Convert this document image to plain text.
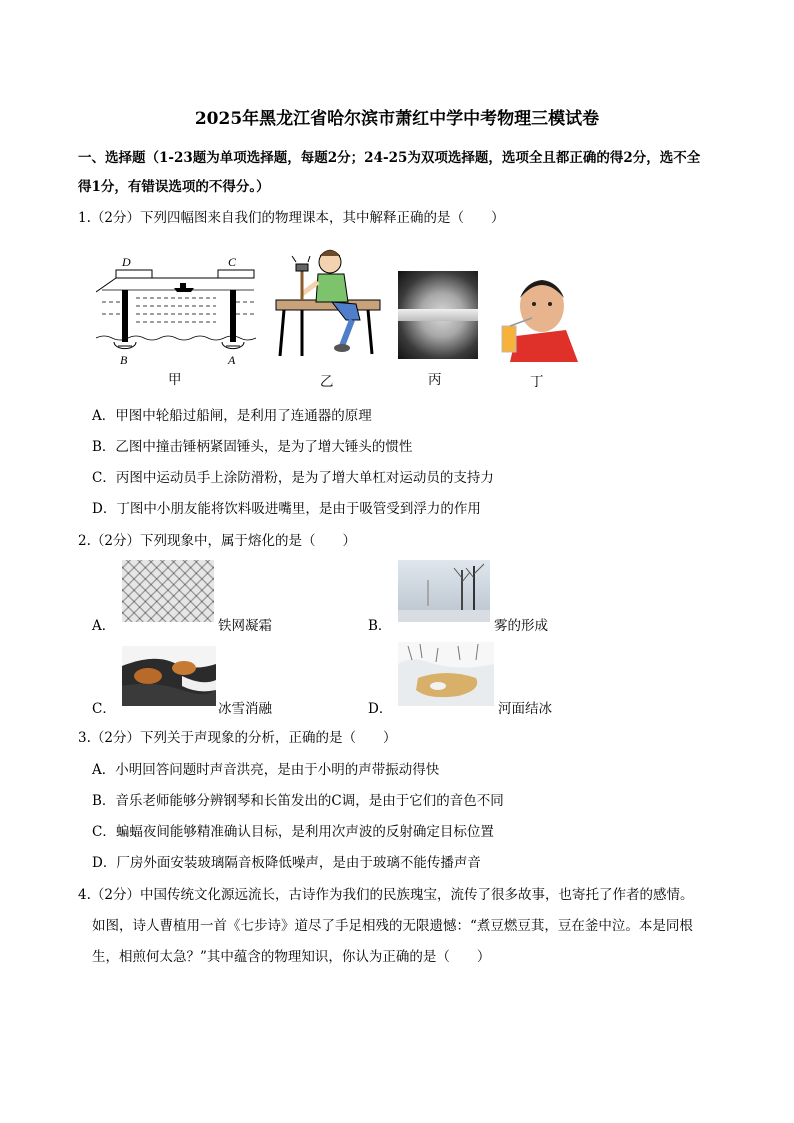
2025年黑龙江省哈尔滨市萧红中学中考物理三模试卷
一、选择题（1-23题为单项选择题，每题2分；24-25为双项选择题，选项全且都正确的得2分，选不全
得1分，有错误选项的不得分。）
1.（2分）下列四幅图来自我们的物理课本，其中解释正确的是（　　）
D	C
B	A
甲	乙	丙	丁
A．甲图中轮船过船闸，是利用了连通器的原理
B．乙图中撞击锤柄紧固锤头，是为了增大锤头的惯性
C．丙图中运动员手上涂防滑粉，是为了增大单杠对运动员的支持力
D．丁图中小朋友能将饮料吸进嘴里，是由于吸管受到浮力的作用
2.（2分）下列现象中，属于熔化的是（　　）
A．	铁网凝霜	B．	雾的形成
C．	冰雪消融	D．	河面结冰
3.（2分）下列关于声现象的分析，正确的是（　　）
A．小明回答问题时声音洪亮，是由于小明的声带振动得快
B．音乐老师能够分辨钢琴和长笛发出的C调，是由于它们的音色不同
C．蝙蝠夜间能够精准确认目标，是利用次声波的反射确定目标位置
D．厂房外面安装玻璃隔音板降低噪声，是由于玻璃不能传播声音
4.（2分）中国传统文化源远流长，古诗作为我们的民族瑰宝，流传了很多故事，也寄托了作者的感情。
如图，诗人曹植用一首《七步诗》道尽了手足相残的无限遗憾：“煮豆燃豆萁，豆在釜中泣。本是同根
生，相煎何太急？”其中蕴含的物理知识，你认为正确的是（　　）
